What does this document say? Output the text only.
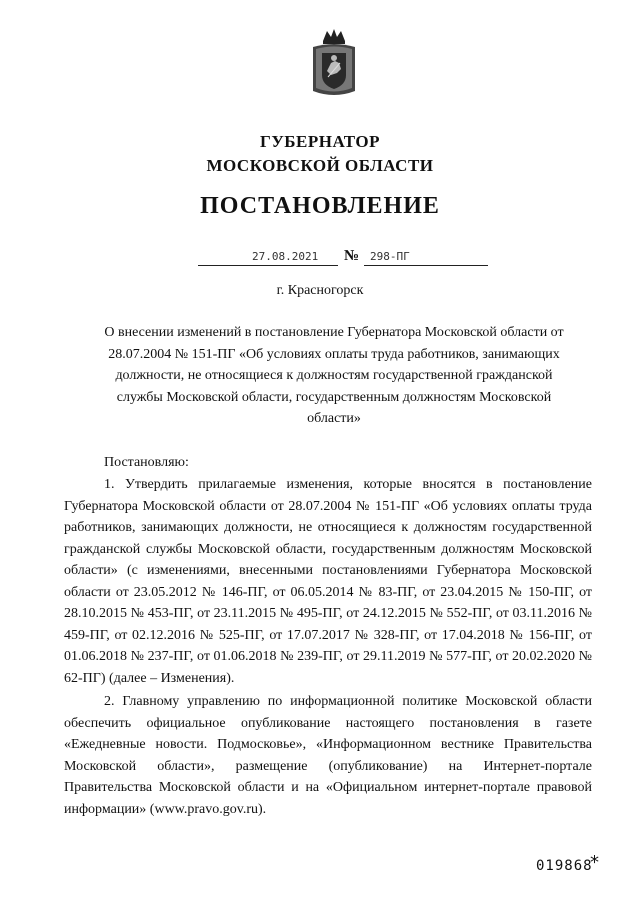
ГУБЕРНАТОР
МОСКОВСКОЙ ОБЛАСТИ
ПОСТАНОВЛЕНИЕ
27.08.2021 № 298-ПГ
г. Красногорск
О внесении изменений в постановление Губернатора Московской области от 28.07.2004 № 151-ПГ «Об условиях оплаты труда работников, занимающих должности, не относящиеся к должностям государственной гражданской службы Московской области, государственным должностям Московской области»
Постановляю:
1. Утвердить прилагаемые изменения, которые вносятся в постановление Губернатора Московской области от 28.07.2004 № 151-ПГ «Об условиях оплаты труда работников, занимающих должности, не относящиеся к должностям государственной гражданской службы Московской области, государственным должностям Московской области» (с изменениями, внесенными постановлениями Губернатора Московской области от 23.05.2012 № 146-ПГ, от 06.05.2014 № 83-ПГ, от 23.04.2015 № 150-ПГ, от 28.10.2015 № 453-ПГ, от 23.11.2015 № 495-ПГ, от 24.12.2015 № 552-ПГ, от 03.11.2016 № 459-ПГ, от 02.12.2016 № 525-ПГ, от 17.07.2017 № 328-ПГ, от 17.04.2018 № 156-ПГ, от 01.06.2018 № 237-ПГ, от 01.06.2018 № 239-ПГ, от 29.11.2019 № 577-ПГ, от 20.02.2020 № 62-ПГ) (далее – Изменения).
2. Главному управлению по информационной политике Московской области обеспечить официальное опубликование настоящего постановления в газете «Ежедневные новости. Подмосковье», «Информационном вестнике Правительства Московской области», размещение (опубликование) на Интернет-портале Правительства Московской области и на «Официальном интернет-портале правовой информации» (www.pravo.gov.ru).
019868
*
